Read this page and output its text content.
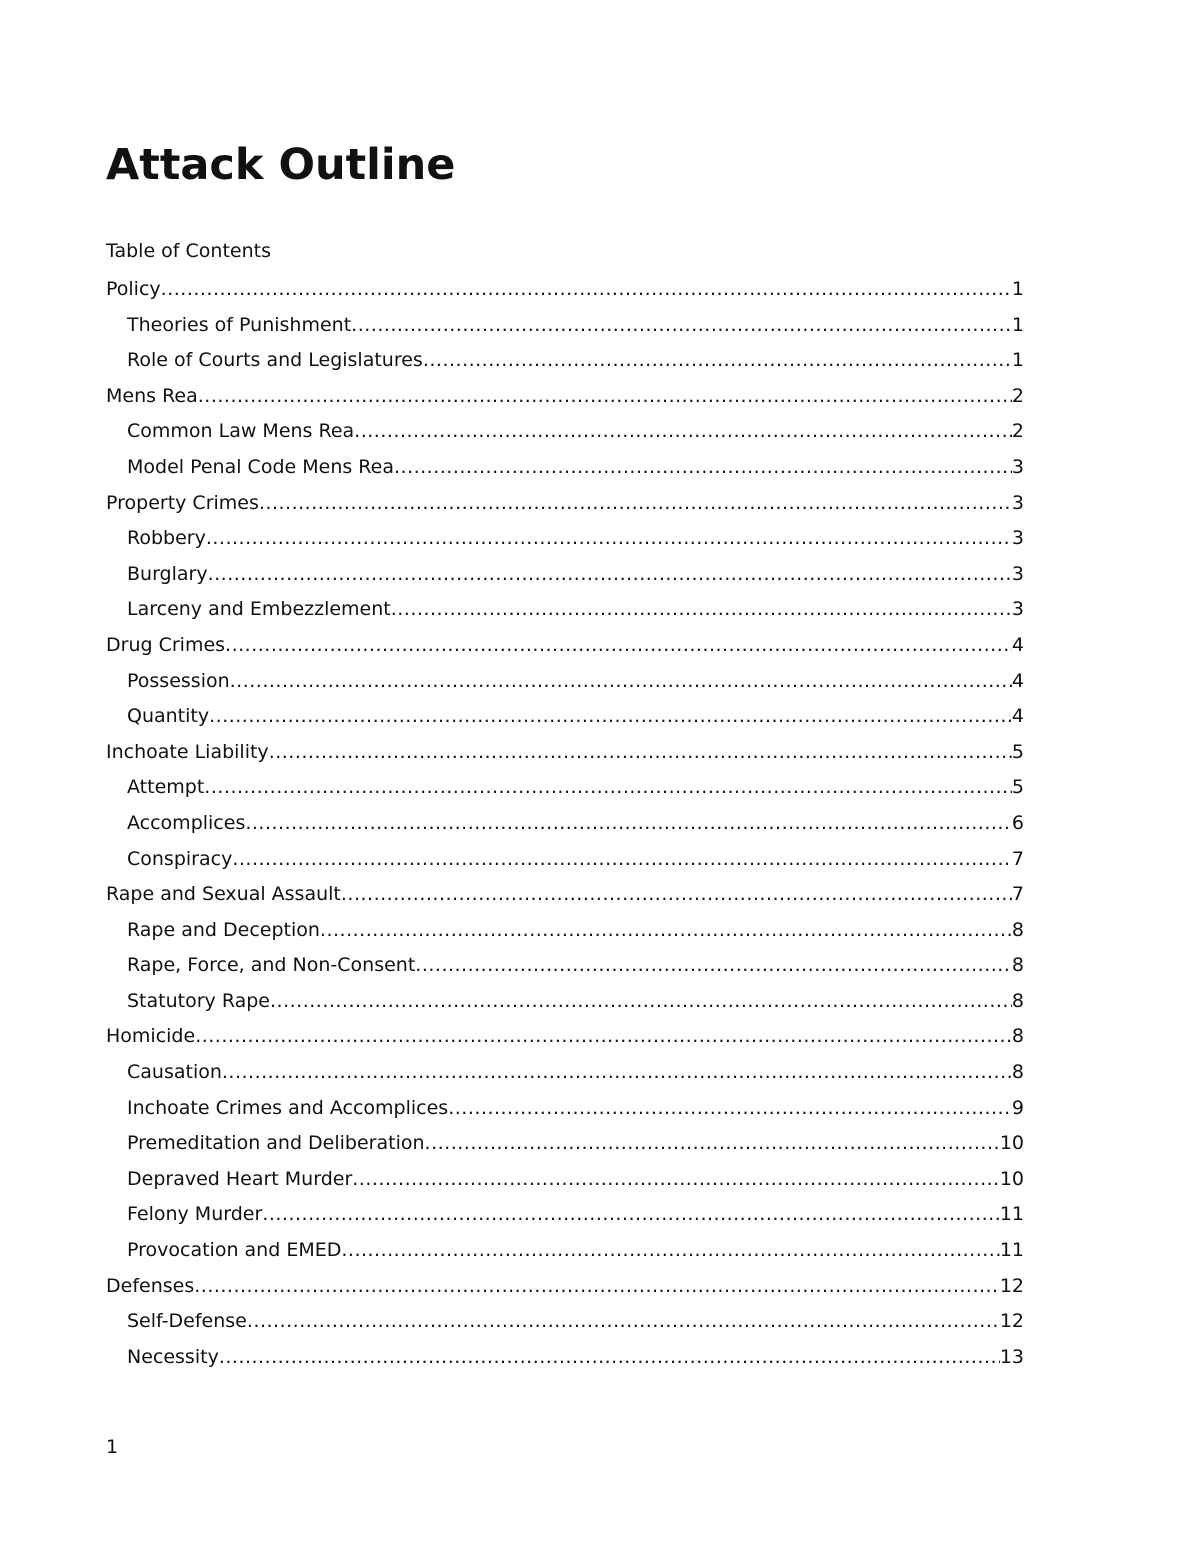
Attack Outline
Table of Contents
Policy .....	1
Theories of Punishment .....	1
Role of Courts and Legislatures .....	1
Mens Rea .....	2
Common Law Mens Rea .....	2
Model Penal Code Mens Rea .....	3
Property Crimes .....	3
Robbery .....	3
Burglary .....	3
Larceny and Embezzlement .....	3
Drug Crimes .....	4
Possession .....	4
Quantity .....	4
Inchoate Liability .....	5
Attempt .....	5
Accomplices .....	6
Conspiracy .....	7
Rape and Sexual Assault .....	7
Rape and Deception .....	8
Rape, Force, and Non-Consent .....	8
Statutory Rape .....	8
Homicide .....	8
Causation .....	8
Inchoate Crimes and Accomplices .....	9
Premeditation and Deliberation .....	10
Depraved Heart Murder .....	10
Felony Murder .....	11
Provocation and EMED .....	11
Defenses .....	12
Self-Defense .....	12
Necessity .....	13
1
